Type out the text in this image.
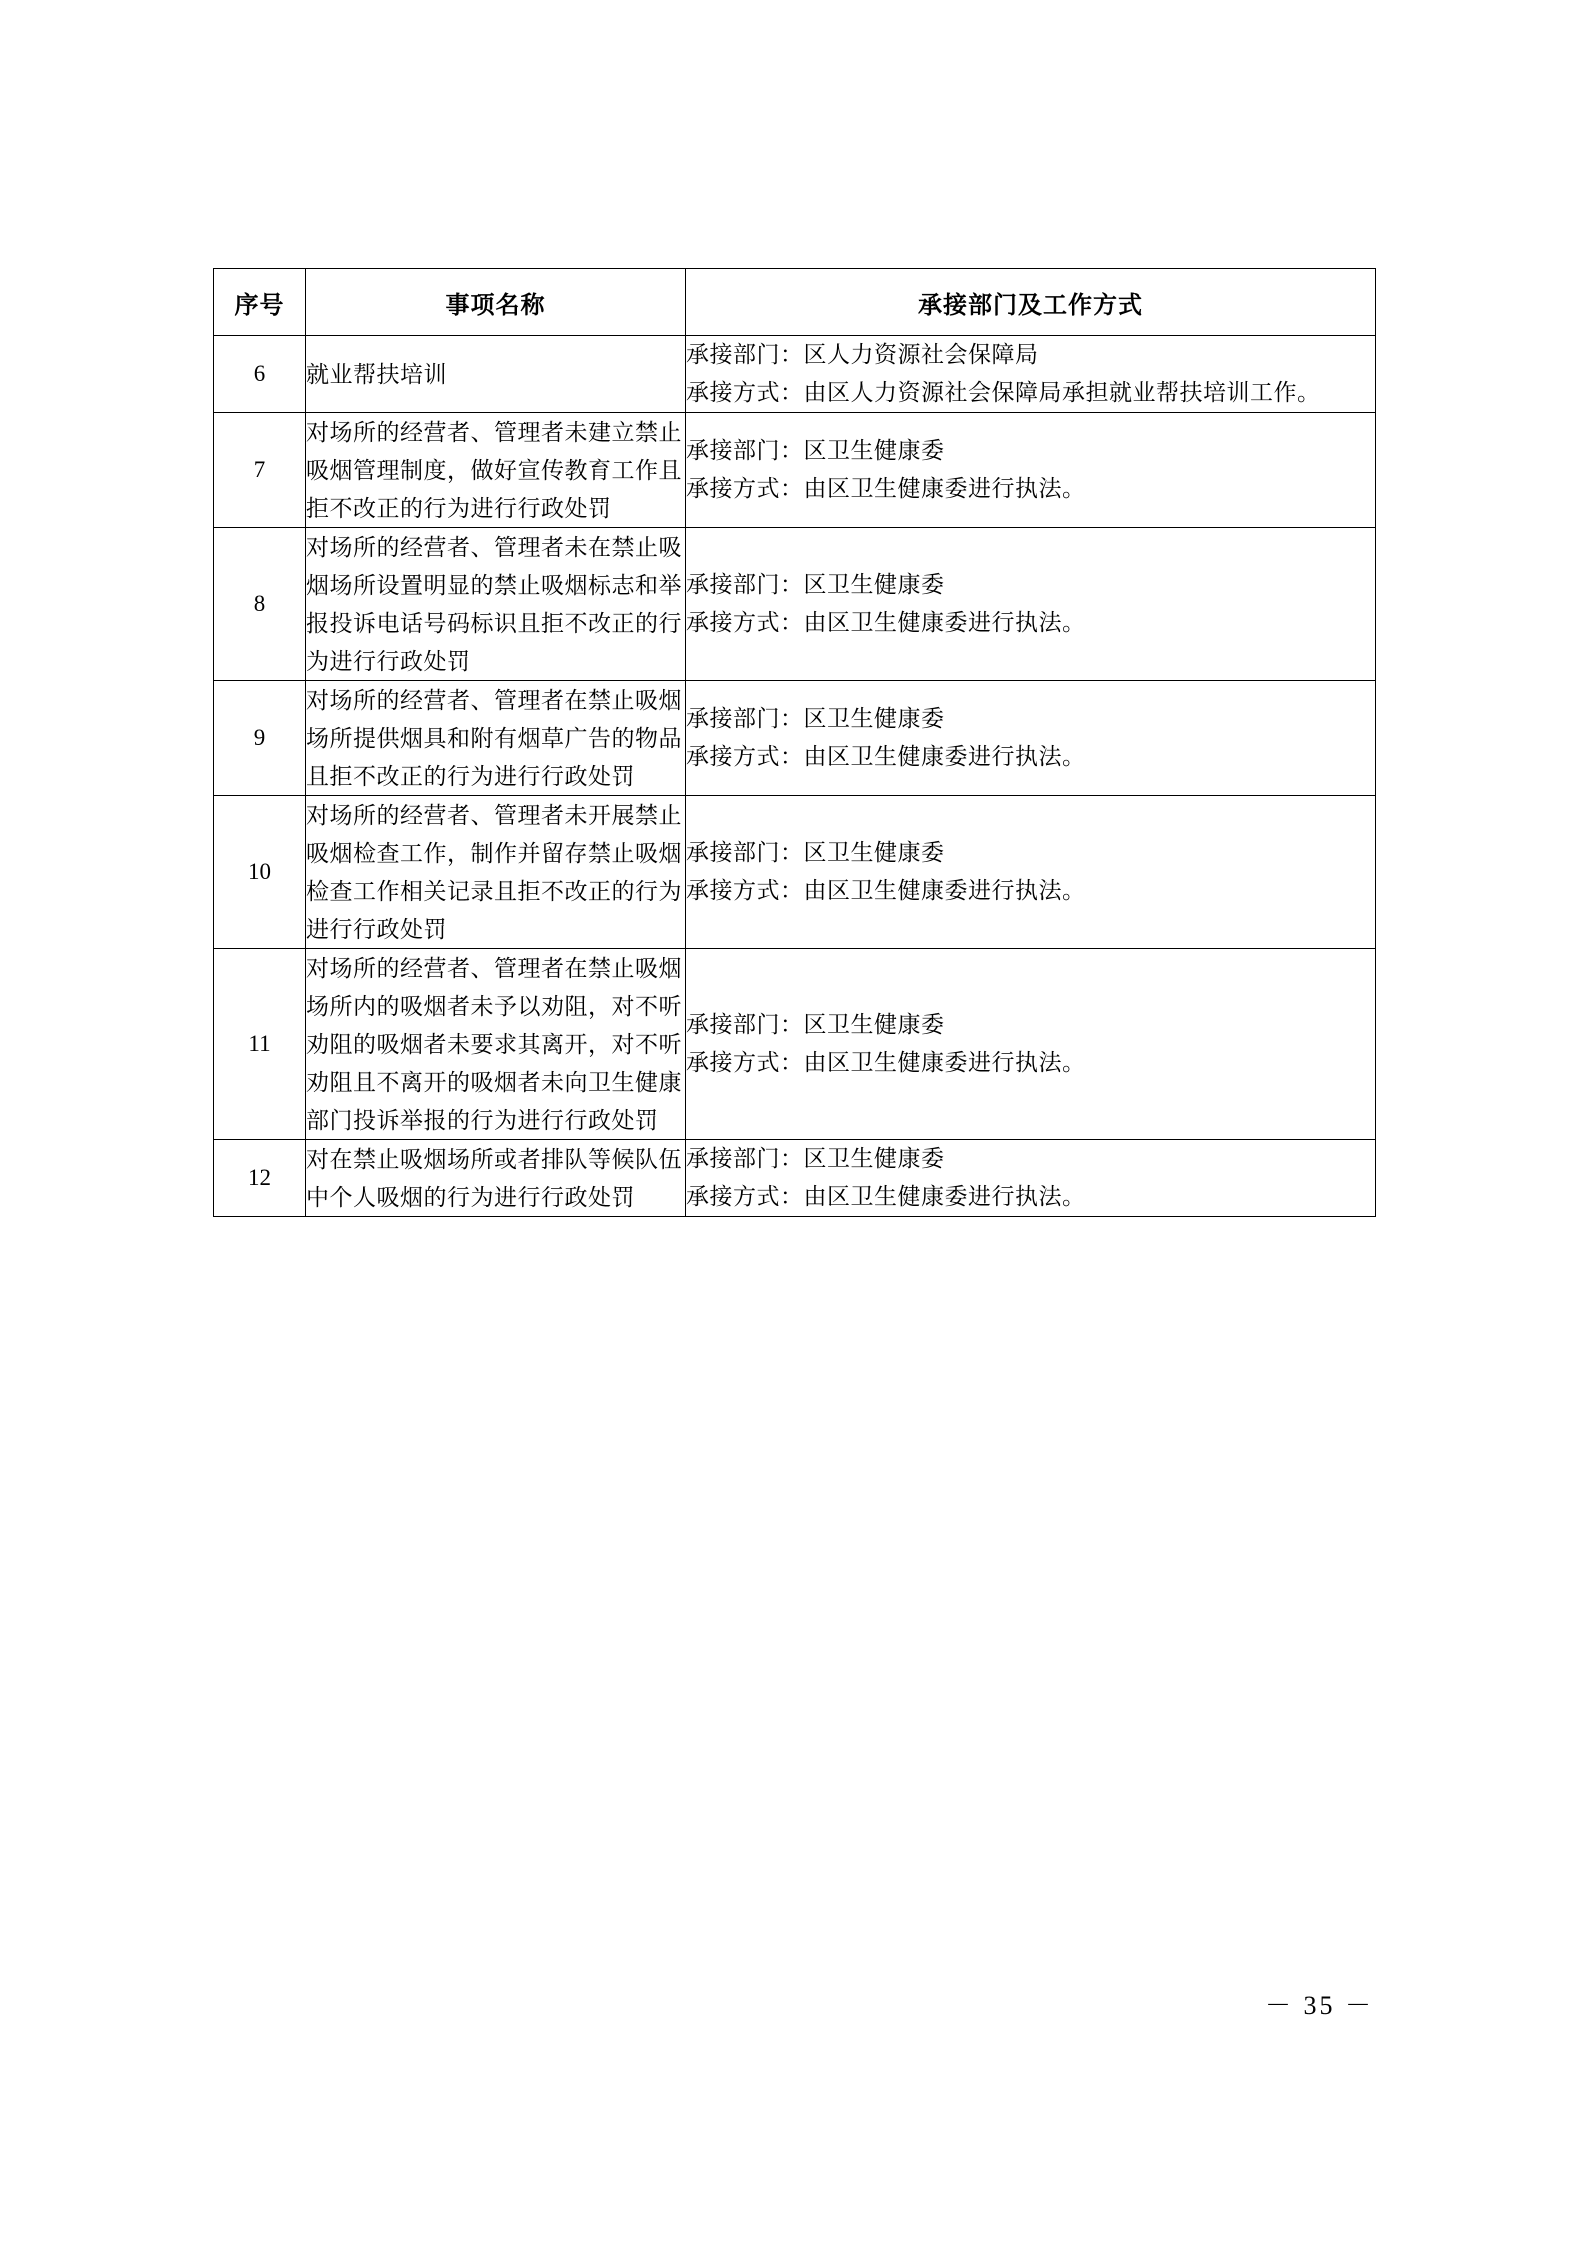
序号	事项名称	承接部门及工作方式
6	就业帮扶培训	承接部门：区人力资源社会保障局
承接方式：由区人力资源社会保障局承担就业帮扶培训工作。

7	对场所的经营者、管理者未建立禁止吸烟管理制度，做好宣传教育工作且拒不改正的行为进行行政处罚	承接部门：区卫生健康委
承接方式：由区卫生健康委进行执法。

8	对场所的经营者、管理者未在禁止吸烟场所设置明显的禁止吸烟标志和举报投诉电话号码标识且拒不改正的行为进行行政处罚	承接部门：区卫生健康委
承接方式：由区卫生健康委进行执法。

9	对场所的经营者、管理者在禁止吸烟场所提供烟具和附有烟草广告的物品且拒不改正的行为进行行政处罚	承接部门：区卫生健康委
承接方式：由区卫生健康委进行执法。

10	对场所的经营者、管理者未开展禁止吸烟检查工作，制作并留存禁止吸烟检查工作相关记录且拒不改正的行为进行行政处罚	承接部门：区卫生健康委
承接方式：由区卫生健康委进行执法。

11	对场所的经营者、管理者在禁止吸烟场所内的吸烟者未予以劝阻，对不听劝阻的吸烟者未要求其离开，对不听劝阻且不离开的吸烟者未向卫生健康部门投诉举报的行为进行行政处罚	承接部门：区卫生健康委
承接方式：由区卫生健康委进行执法。

12	对在禁止吸烟场所或者排队等候队伍中个人吸烟的行为进行行政处罚	承接部门：区卫生健康委
承接方式：由区卫生健康委进行执法。
－ 35 －
